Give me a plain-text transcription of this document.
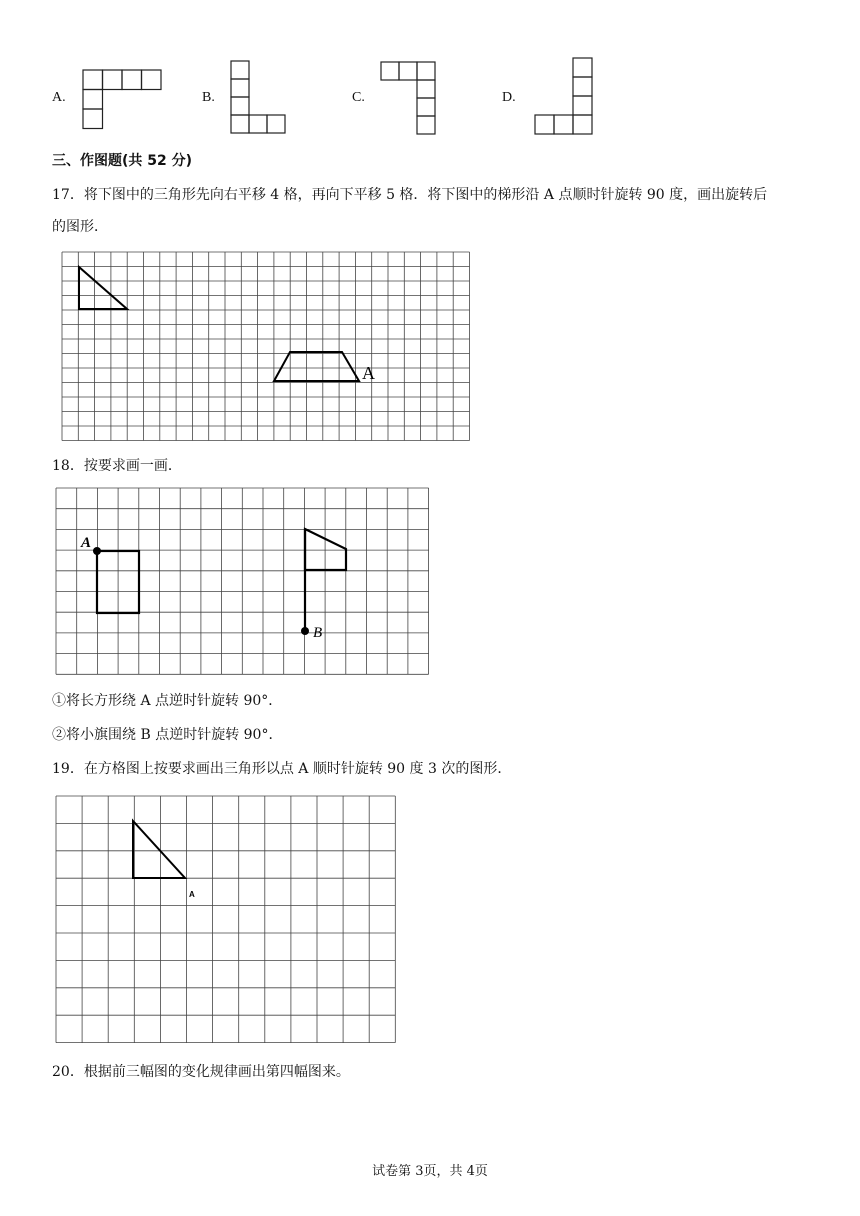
A.	B.	C.	D.
三、作图题(共 52 分)
17．将下图中的三角形先向右平移 4 格，再向下平移 5 格．将下图中的梯形沿 A 点顺时针旋转 90 度，画出旋转后
的图形．
A
18．按要求画一画．
A
B
①将长方形绕 A 点逆时针旋转 90°．
②将小旗围绕 B 点逆时针旋转 90°．
19．在方格图上按要求画出三角形以点 A 顺时针旋转 90 度 3 次的图形．
A
20．根据前三幅图的变化规律画出第四幅图来。
试卷第 3页，共 4页
